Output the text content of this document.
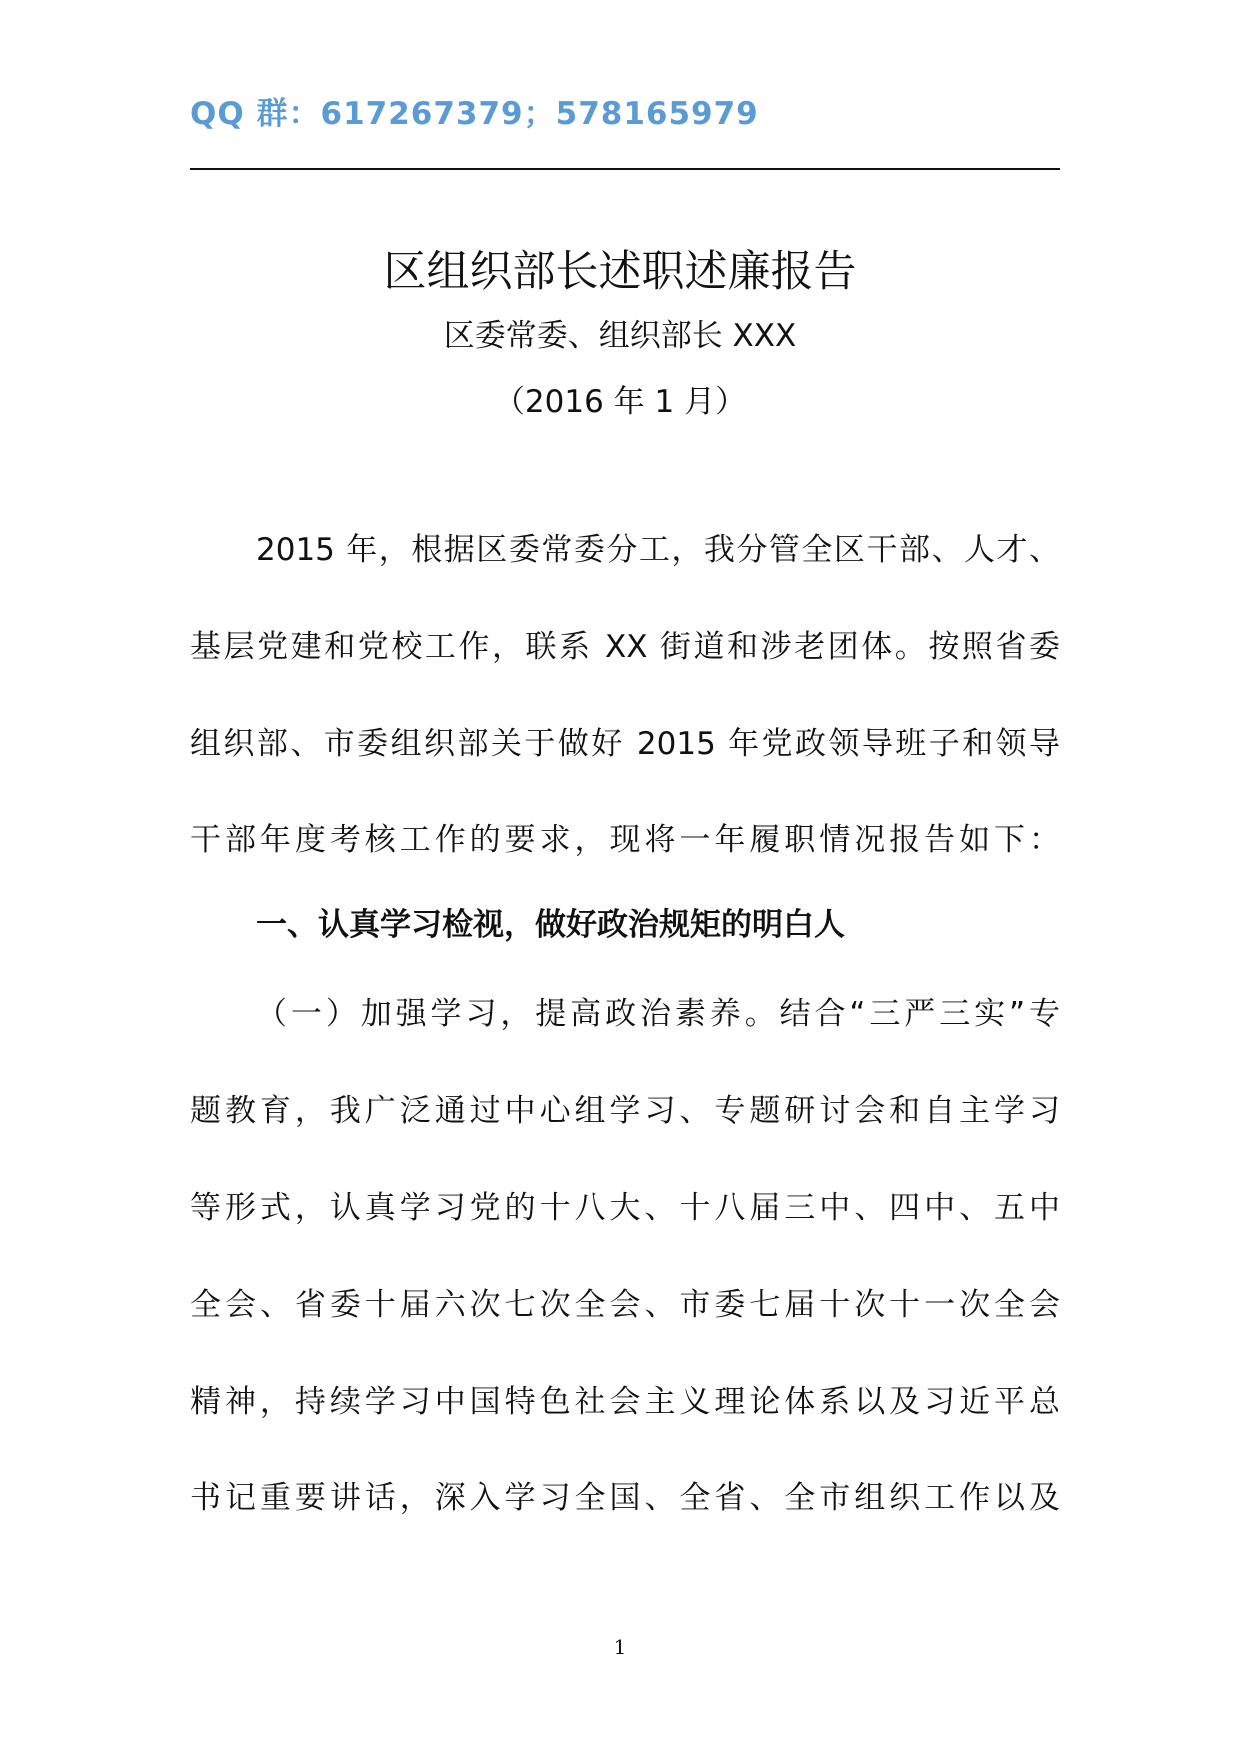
QQ 群：617267379；578165979
区组织部长述职述廉报告
区委常委、组织部长 XXX
（2016 年 1 月）
2015 年，根据区委常委分工，我分管全区干部、人才、
基层党建和党校工作，联系 XX 街道和涉老团体。按照省委
组织部、市委组织部关于做好 2015 年党政领导班子和领导
干部年度考核工作的要求，现将一年履职情况报告如下：
一、认真学习检视，做好政治规矩的明白人
（一）加强学习，提高政治素养。结合“三严三实”专
题教育，我广泛通过中心组学习、专题研讨会和自主学习
等形式，认真学习党的十八大、十八届三中、四中、五中
全会、省委十届六次七次全会、市委七届十次十一次全会
精神，持续学习中国特色社会主义理论体系以及习近平总
书记重要讲话，深入学习全国、全省、全市组织工作以及
1
